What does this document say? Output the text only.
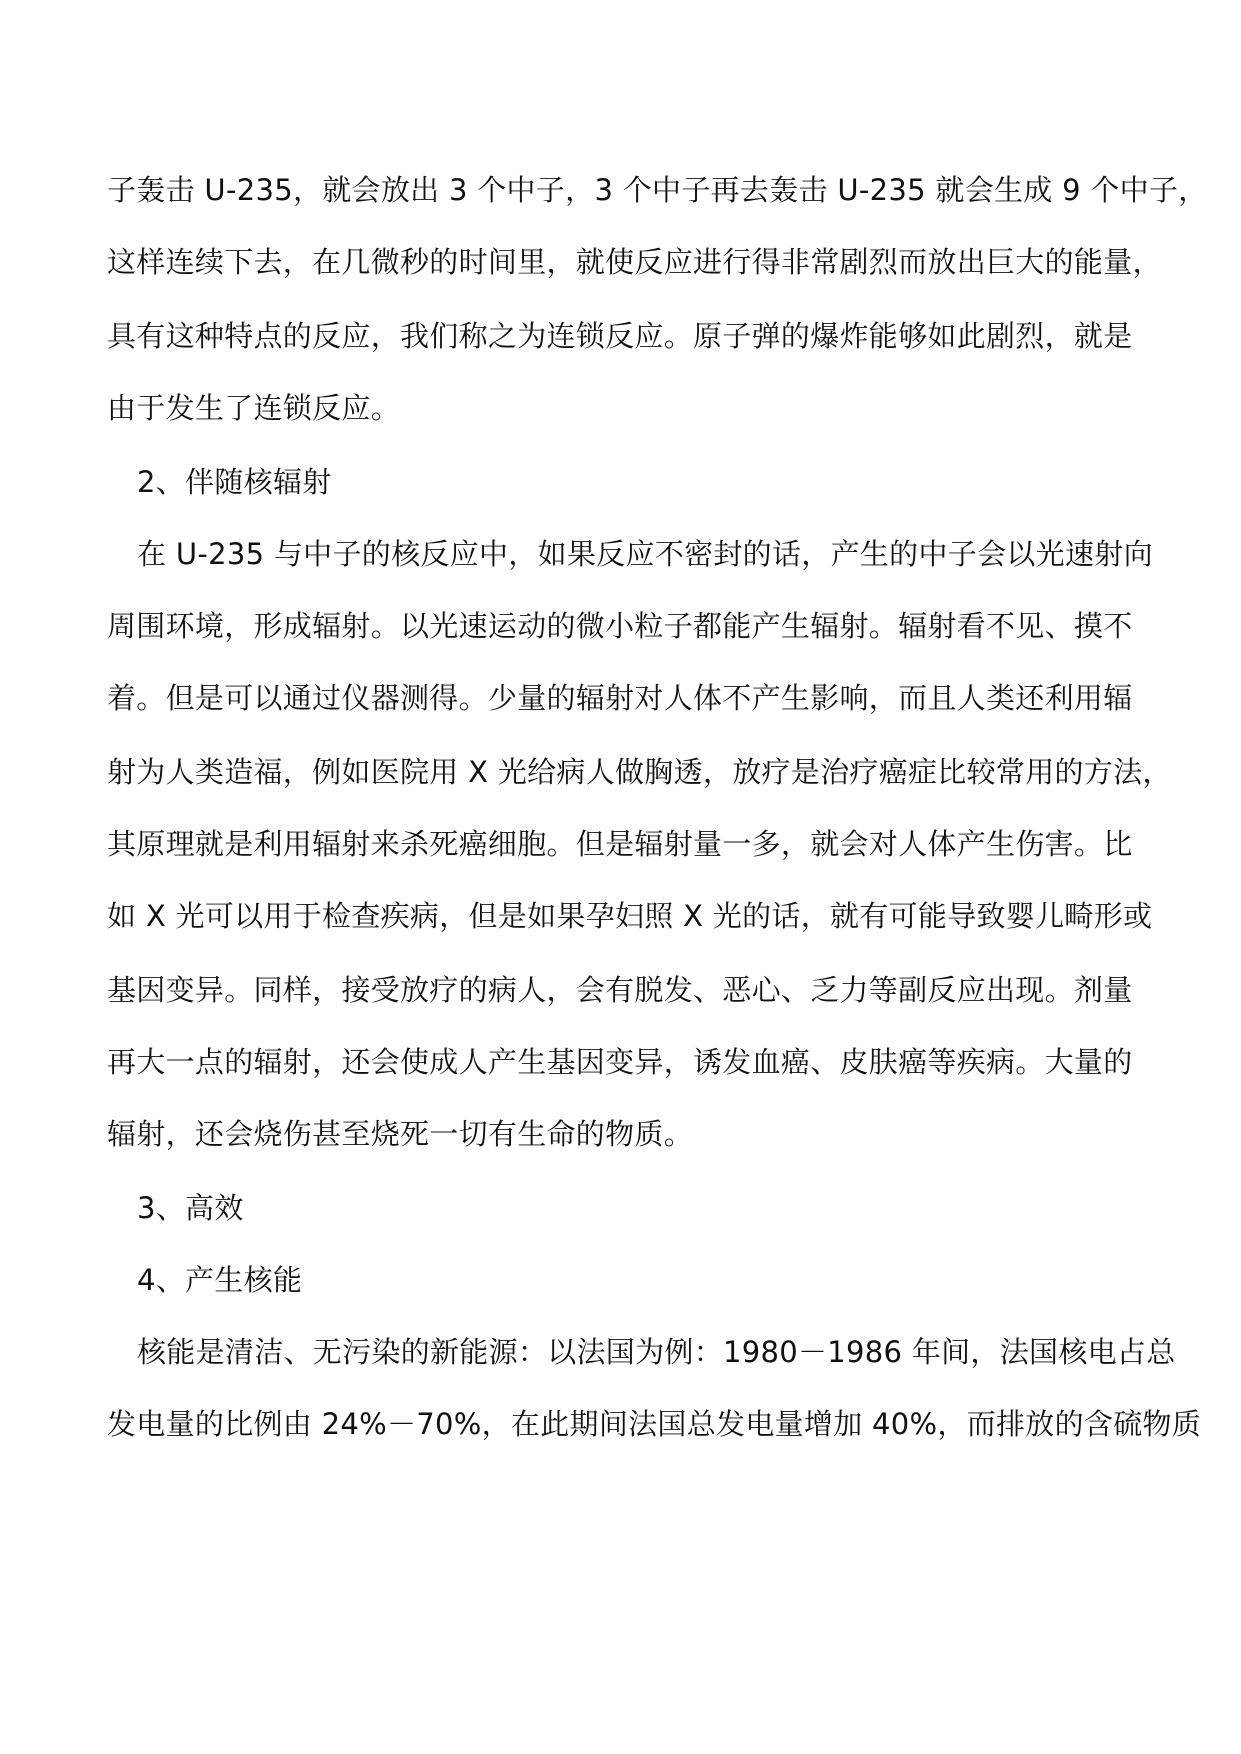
子轰击 U-235，就会放出 3 个中子，3 个中子再去轰击 U-235 就会生成 9 个中子，
这样连续下去，在几微秒的时间里，就使反应进行得非常剧烈而放出巨大的能量，
具有这种特点的反应，我们称之为连锁反应。原子弹的爆炸能够如此剧烈，就是
由于发生了连锁反应。
2、伴随核辐射
在 U-235 与中子的核反应中，如果反应不密封的话，产生的中子会以光速射向
周围环境，形成辐射。以光速运动的微小粒子都能产生辐射。辐射看不见、摸不
着。但是可以通过仪器测得。少量的辐射对人体不产生影响，而且人类还利用辐
射为人类造福，例如医院用 X 光给病人做胸透，放疗是治疗癌症比较常用的方法，
其原理就是利用辐射来杀死癌细胞。但是辐射量一多，就会对人体产生伤害。比
如 X 光可以用于检查疾病，但是如果孕妇照 X 光的话，就有可能导致婴儿畸形或
基因变异。同样，接受放疗的病人，会有脱发、恶心、乏力等副反应出现。剂量
再大一点的辐射，还会使成人产生基因变异，诱发血癌、皮肤癌等疾病。大量的
辐射，还会烧伤甚至烧死一切有生命的物质。
3、高效
4、产生核能
核能是清洁、无污染的新能源：以法国为例：1980－1986 年间，法国核电占总
发电量的比例由 24%－70%，在此期间法国总发电量增加 40%，而排放的含硫物质
